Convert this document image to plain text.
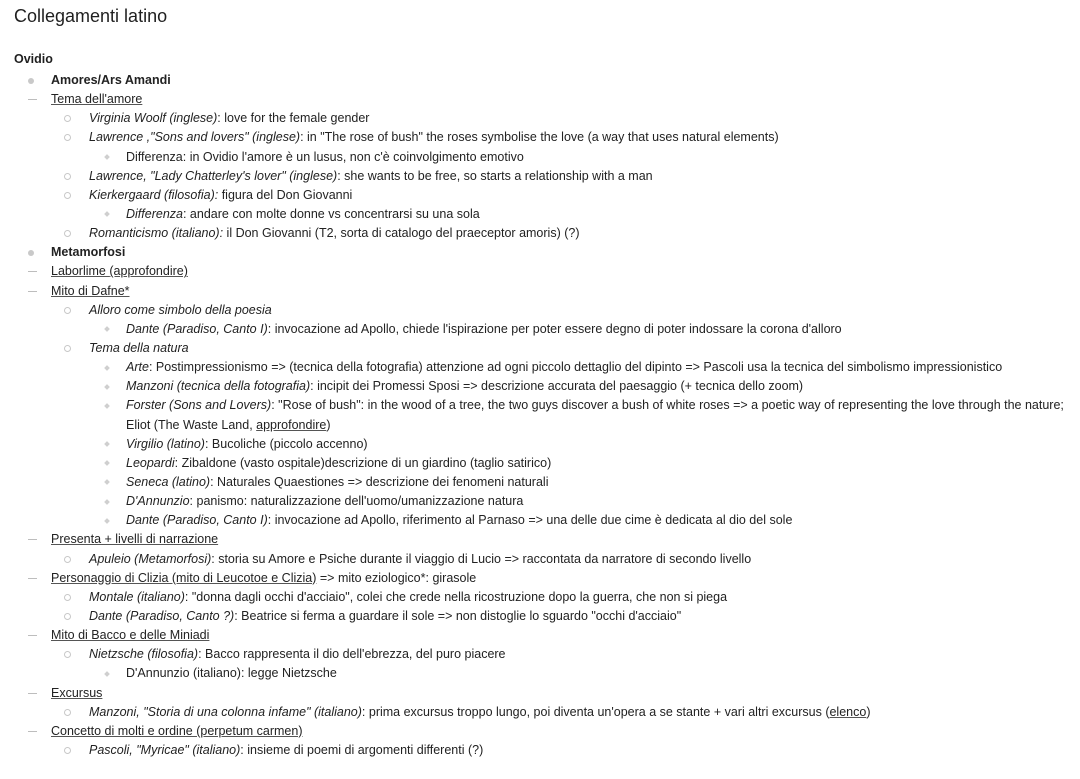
Collegamenti latino
Ovidio
Amores/Ars Amandi
Tema dell'amore
Virginia Woolf (inglese): love for the female gender
Lawrence ,"Sons and lovers" (inglese): in "The rose of bush" the roses symbolise the love (a way that uses natural elements)
Differenza: in Ovidio l'amore è un lusus, non c'è coinvolgimento emotivo
Lawrence, "Lady Chatterley's lover" (inglese): she wants to be free, so starts a relationship with a man
Kierkergaard (filosofia): figura del Don Giovanni
Differenza: andare con molte donne vs concentrarsi su una sola
Romanticismo (italiano): il Don Giovanni (T2, sorta di catalogo del praeceptor amoris) (?)
Metamorfosi
Laborlime (approfondire)
Mito di Dafne*
Alloro come simbolo della poesia
Dante (Paradiso, Canto I): invocazione ad Apollo, chiede l'ispirazione per poter essere degno di poter indossare la corona d'alloro
Tema della natura
Arte: Postimpressionismo => (tecnica della fotografia) attenzione ad ogni piccolo dettaglio del dipinto => Pascoli usa la tecnica del simbolismo impressionistico
Manzoni (tecnica della fotografia): incipit dei Promessi Sposi => descrizione accurata del paesaggio (+ tecnica dello zoom)
Forster (Sons and Lovers): "Rose of bush": in the wood of a tree, the two guys discover a bush of white roses => a poetic way of representing the love through the nature; Eliot (The Waste Land, approfondire)
Virgilio (latino): Bucoliche (piccolo accenno)
Leopardi: Zibaldone (vasto ospitale)descrizione di un giardino (taglio satirico)
Seneca (latino): Naturales Quaestiones => descrizione dei fenomeni naturali
D'Annunzio: panismo: naturalizzazione dell'uomo/umanizzazione natura
Dante (Paradiso, Canto I): invocazione ad Apollo, riferimento al Parnaso => una delle due cime è dedicata al dio del sole
Presenta + livelli di narrazione
Apuleio (Metamorfosi): storia su Amore e Psiche durante il viaggio di Lucio => raccontata da narratore di secondo livello
Personaggio di Clizia (mito di Leucotoe e Clizia) => mito eziologico*: girasole
Montale (italiano): "donna dagli occhi d'acciaio", colei che crede nella ricostruzione dopo la guerra, che non si piega
Dante (Paradiso, Canto ?): Beatrice si ferma a guardare il sole => non distoglie lo sguardo "occhi d'acciaio"
Mito di Bacco e delle Miniadi
Nietzsche (filosofia): Bacco rappresenta il dio dell'ebrezza, del puro piacere
D'Annunzio (italiano): legge Nietzsche
Excursus
Manzoni, "Storia di una colonna infame" (italiano): prima excursus troppo lungo, poi diventa un'opera a se stante + vari altri excursus (elenco)
Concetto di molti e ordine (perpetum carmen)
Pascoli, "Myricae" (italiano): insieme di poemi di argomenti differenti (?)
